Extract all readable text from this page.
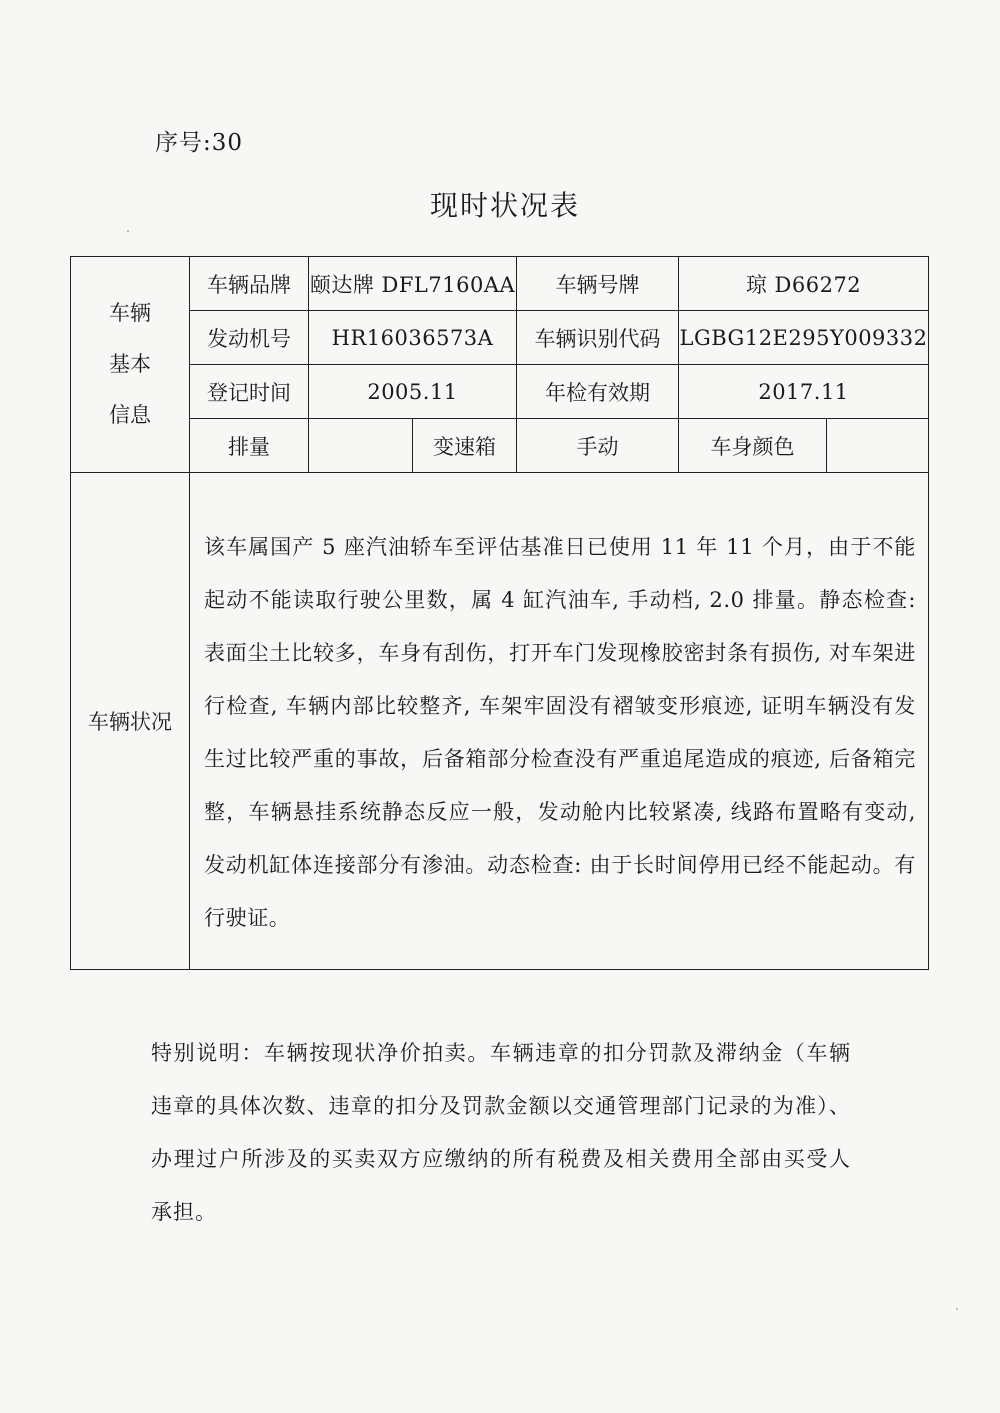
序号:30
现时状况表
车辆
基本
信息	车辆品牌	颐达牌 DFL7160AA		车辆号牌	琼 D66272	
	发动机号	HR16036573A		车辆识别代码	LGBG12E295Y009332	
	登记时间	2005.11		年检有效期	2017.11	
	排量		变速箱	手动	车身颜色	
车辆状况	该车属国产 5 座汽油轿车至评估基准日已使用 11 年 11 个月，由于不能起动不能读取行驶公里数，属 4 缸汽油车, 手动档, 2.0 排量。静态检查: 表面尘土比较多，车身有刮伤，打开车门发现橡胶密封条有损伤, 对车架进行检查, 车辆内部比较整齐, 车架牢固没有褶皱变形痕迹, 证明车辆没有发生过比较严重的事故，后备箱部分检查没有严重追尾造成的痕迹, 后备箱完整，车辆悬挂系统静态反应一般，发动舱内比较紧凑, 线路布置略有变动, 发动机缸体连接部分有渗油。动态检查: 由于长时间停用已经不能起动。有行驶证。					
特别说明：车辆按现状净价拍卖。车辆违章的扣分罚款及滞纳金（车辆违章的具体次数、违章的扣分及罚款金额以交通管理部门记录的为准）、办理过户所涉及的买卖双方应缴纳的所有税费及相关费用全部由买受人承担。
